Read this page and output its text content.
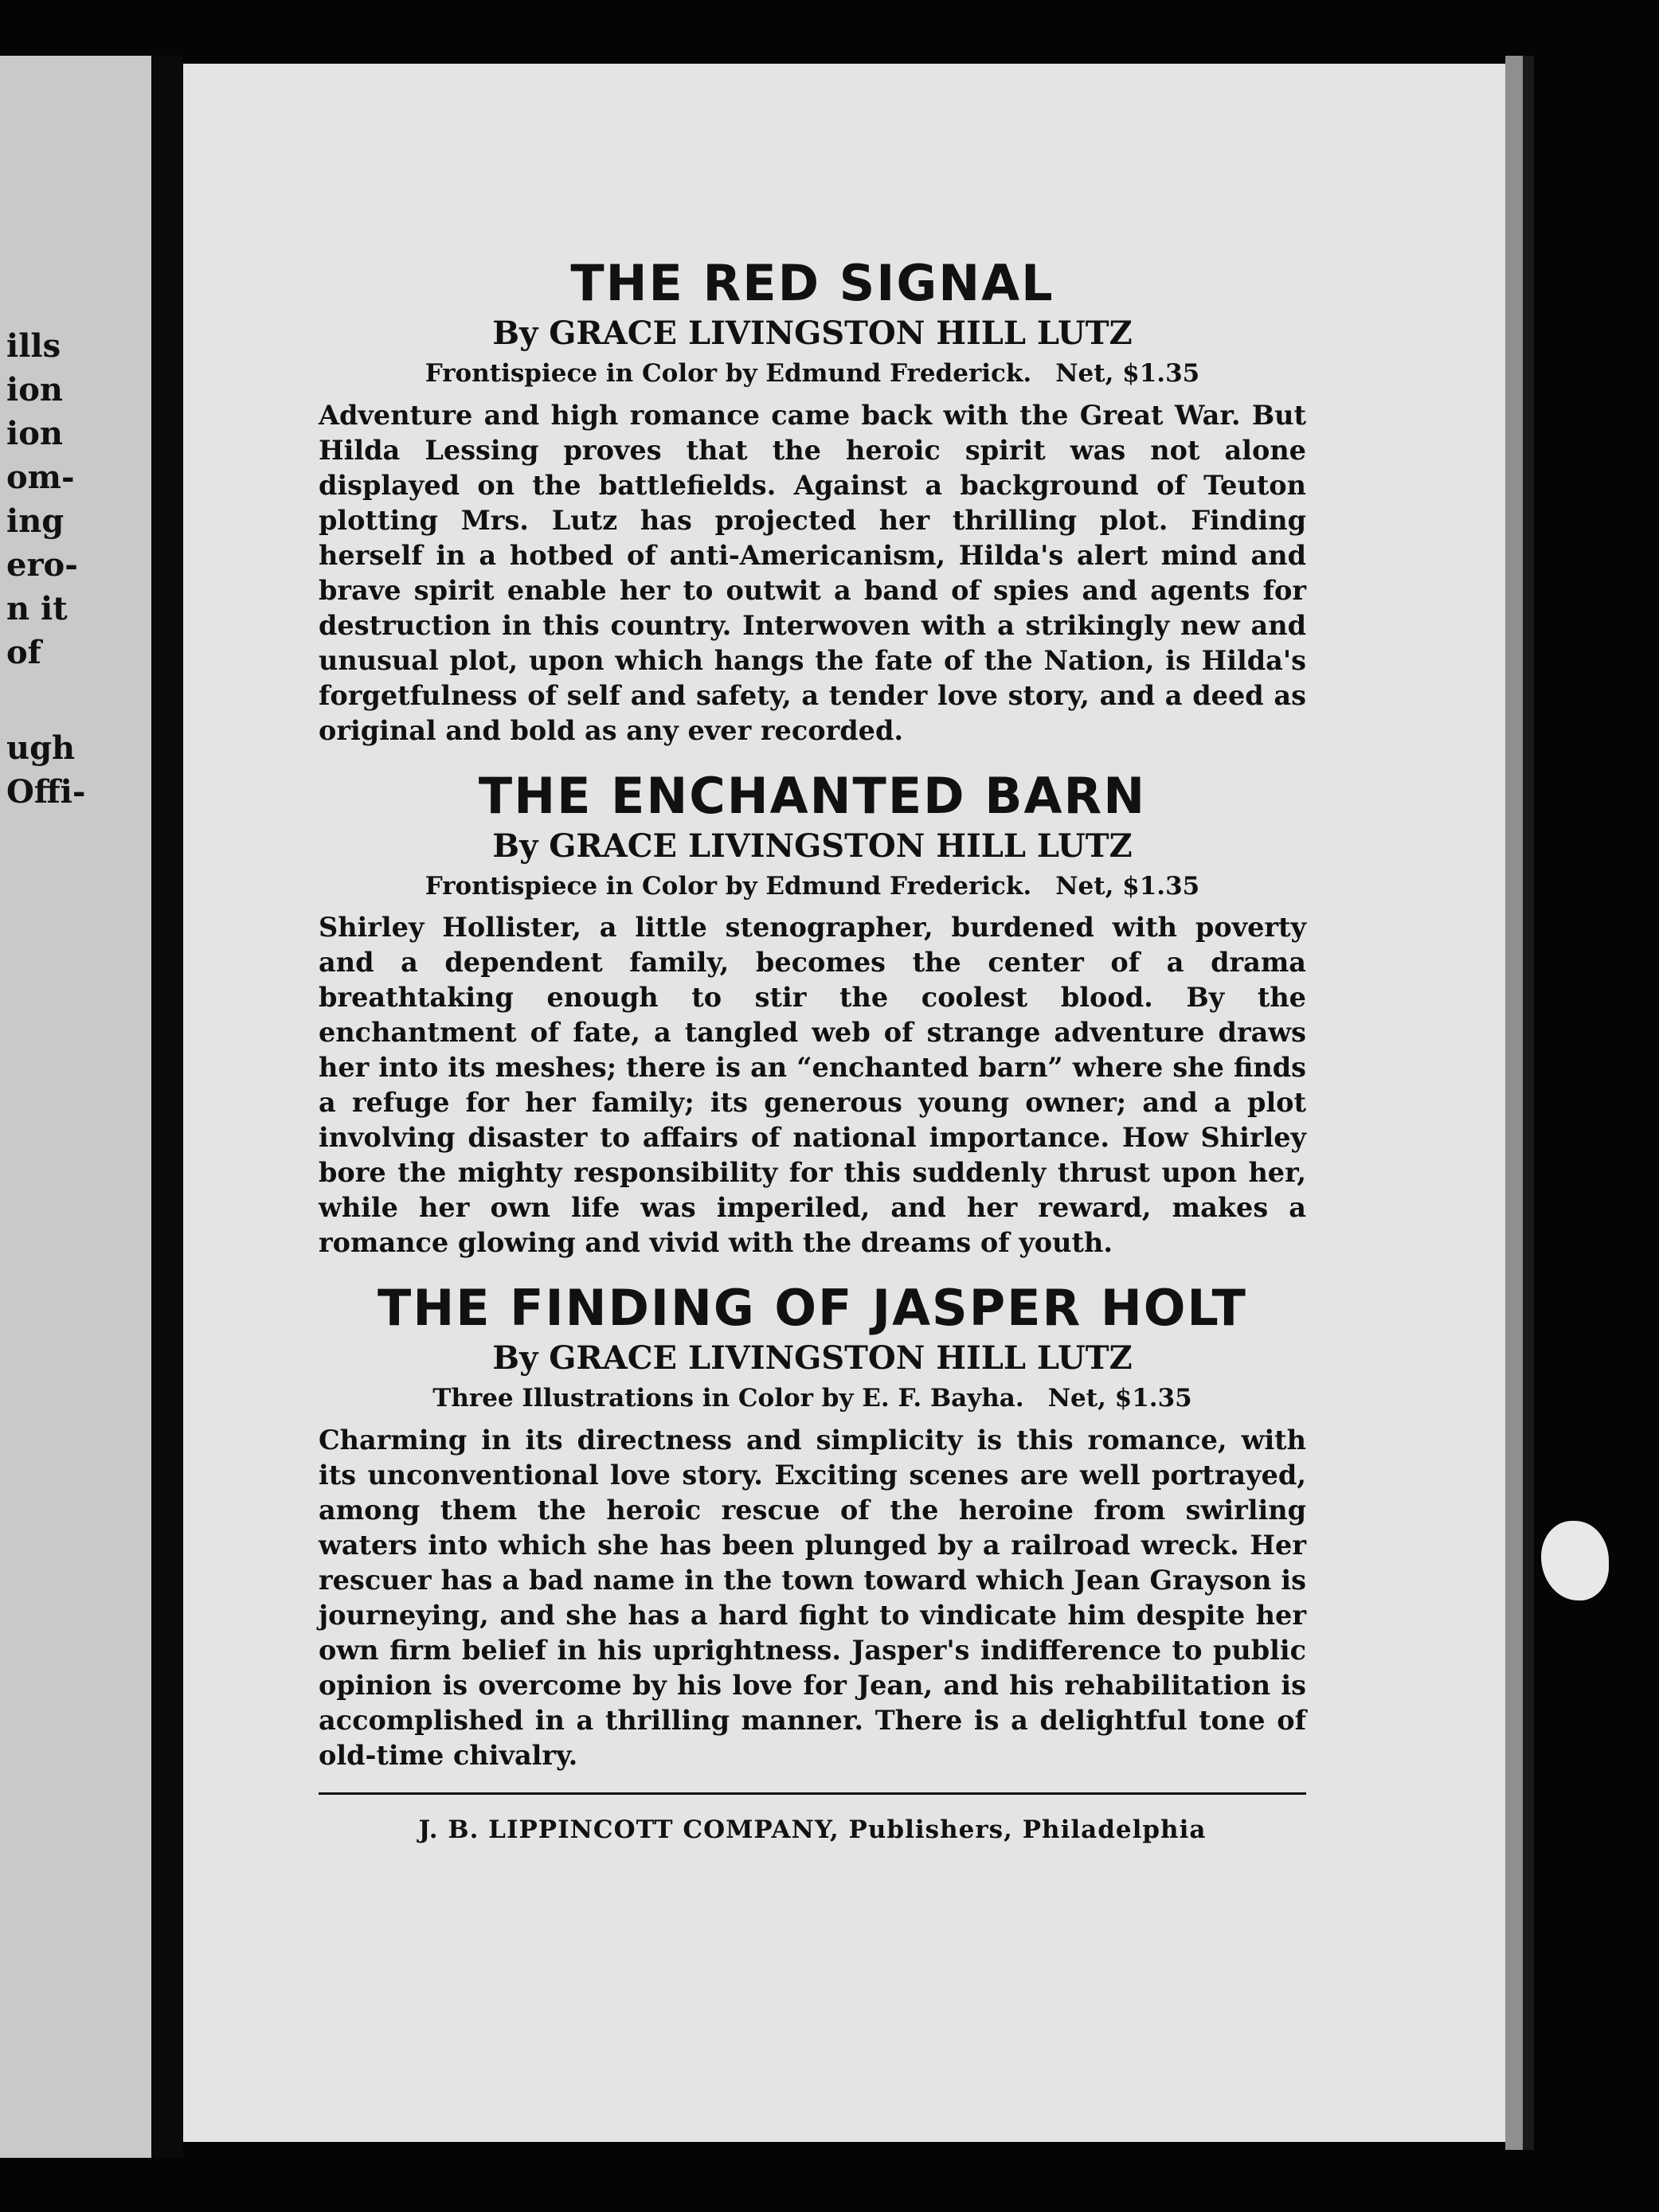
ills
ion
ion
om-
ing
ero-
n it
of
ugh
Offi-
THE RED SIGNAL

By GRACE LIVINGSTON HILL LUTZ

Frontispiece in Color by Edmund Frederick. Net, $1.35

Adventure and high romance came back with the Great War. But Hilda Lessing proves that the heroic spirit was not alone displayed on the battlefields. Against a background of Teuton plotting Mrs. Lutz has projected her thrilling plot. Finding herself in a hotbed of anti-Americanism, Hilda's alert mind and brave spirit enable her to outwit a band of spies and agents for destruction in this country. Interwoven with a strikingly new and unusual plot, upon which hangs the fate of the Nation, is Hilda's forgetfulness of self and safety, a tender love story, and a deed as original and bold as any ever recorded.

THE ENCHANTED BARN

By GRACE LIVINGSTON HILL LUTZ

Frontispiece in Color by Edmund Frederick. Net, $1.35

Shirley Hollister, a little stenographer, burdened with poverty and a dependent family, becomes the center of a drama breathtaking enough to stir the coolest blood. By the enchantment of fate, a tangled web of strange adventure draws her into its meshes; there is an “enchanted barn” where she finds a refuge for her family; its generous young owner; and a plot involving disaster to affairs of national importance. How Shirley bore the mighty responsibility for this suddenly thrust upon her, while her own life was imperiled, and her reward, makes a romance glowing and vivid with the dreams of youth.

THE FINDING OF JASPER HOLT

By GRACE LIVINGSTON HILL LUTZ

Three Illustrations in Color by E. F. Bayha. Net, $1.35

Charming in its directness and simplicity is this romance, with its unconventional love story. Exciting scenes are well portrayed, among them the heroic rescue of the heroine from swirling waters into which she has been plunged by a railroad wreck. Her rescuer has a bad name in the town toward which Jean Grayson is journeying, and she has a hard fight to vindicate him despite her own firm belief in his uprightness. Jasper's indifference to public opinion is overcome by his love for Jean, and his rehabilitation is accomplished in a thrilling manner. There is a delightful tone of old-time chivalry.

J. B. LIPPINCOTT COMPANY, Publishers, Philadelphia
